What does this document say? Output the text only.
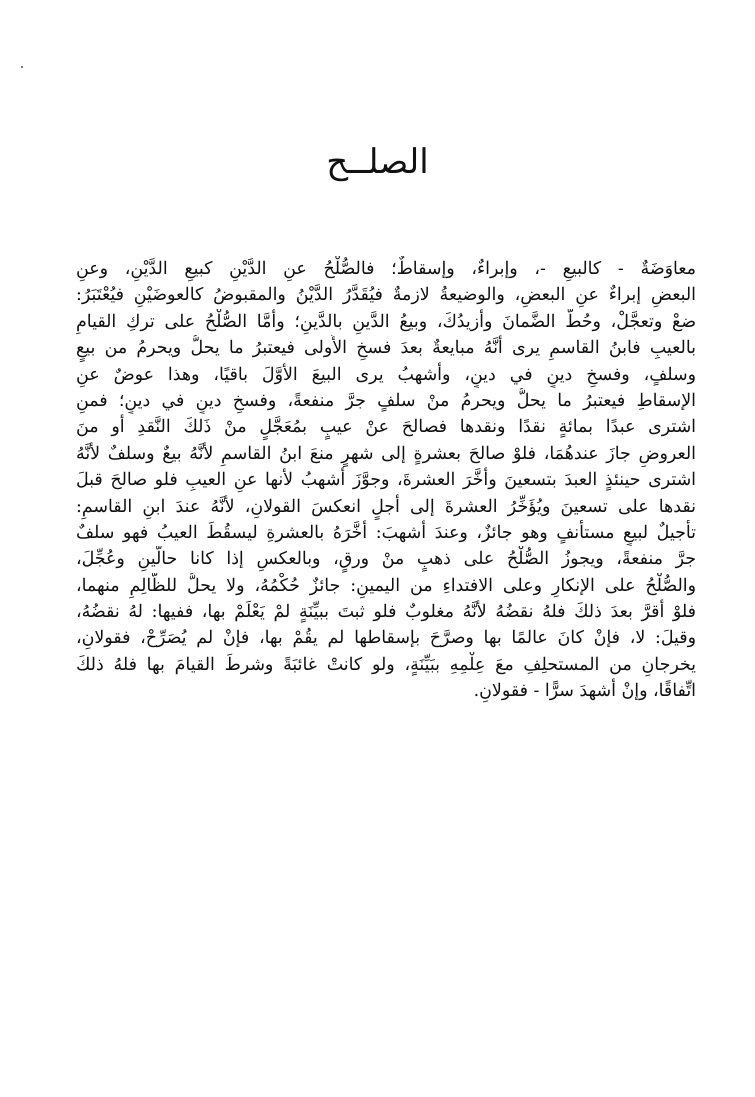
الصلــح
معاوَضَةٌ - كالبيعِ -، وإبراءٌ، وإسقاطٌ؛ فالصُّلْحُ عنِ الدَّيْنِ كبيعِ الدَّيْنِ، وعنِ
البعضِ إبراءٌ عنِ البعضِ، والوضيعةُ لازمةٌ فيُقَدَّرُ الدَّيْنُ والمقبوضُ كالعوضَيْنِ فيُعْتَبَرُ:
ضعْ وتعجَّلْ، وحُطَّ الضَّمانَ وأزيدُكَ، وبيعُ الدَّينِ بالدَّينِ؛ وأمَّا الصُّلْحُ على تركِ القيامِ
بالعيبِ فابنُ القاسمِ يرى أنَّهُ مبايعةٌ بعدَ فسخِ الأُولى فيعتبرُ ما يحلُّ ويحرمُ من بيعٍ
وسلفٍ، وفسخِ دينٍ في دينٍ، وأشهبُ يرى البيعَ الأوَّلَ باقيًا، وهذا عوضٌ عنِ
الإسقاطِ فيعتبرُ ما يحلُّ ويحرمُ منْ سلفٍ جرَّ منفعةً، وفسخِ دينٍ في دينٍ؛ فمنِ
اشترى عبدًا بمائةٍ نقدًا ونقدها فصالحَ عنْ عيبٍ بمُعَجَّلٍ منْ ذَلكَ النَّقدِ أو منَ
العروضِ جازَ عندهُمَا، فلوْ صالحَ بعشرةٍ إلى شهرٍ منعَ ابنُ القاسمِ لأنَّهُ بيعٌ وسلفٌ لأنَّهُ
اشترى حينئذٍ العبدَ بتسعينَ وأخَّرَ العشرةَ، وجوَّزَ أشهبُ لأنها عنِ العيبِ فلو صالحَ قبلَ
نقدها على تسعينَ ويُؤَخِّرُ العشرةَ إلى أجلٍ انعكسَ القولانِ، لأنَّهُ عندَ ابنِ القاسمِ:
تأجيلٌ لبيعٍ مستأنفٍ وهو جائزٌ، وعندَ أشهبَ: أخَّرَهُ بالعشرةِ ليسقُطَ العيبُ فهو سلفٌ
جرَّ منفعةً، ويجوزُ الصُّلْحُ على ذهبٍ منْ ورقٍ، وبالعكسِ إذا كانا حالَّينِ وعُجِّلَ،
والصُّلْحُ على الإنكارِ وعلى الافتداءِ من اليمينِ: جائزٌ حُكْمُهُ، ولا يحلُّ للظَّالِمِ منهما،
فلوْ أقرَّ بعدَ ذلكَ فلهُ نقضُهُ لأنَّهُ مغلوبٌ فلو ثبتَ ببيِّنَةٍ لمْ يَعْلَمْ بها، ففيها: لهُ نقضُهُ،
وقيلَ: لا، فإنْ كانَ عالمًا بها وصرَّحَ بإسقاطها لم يقُمْ بها، فإنْ لم يُصَرِّحْ، فقولانِ،
يخرجانِ من المستحلِفِ معَ عِلْمِهِ ببَيِّنَةٍ، ولو كانتْ غائبَةً وشرطَ القيامَ بها فلهُ ذلكَ
اتِّفاقًا، وإنْ أشهدَ سرًّا - فقولانِ.
